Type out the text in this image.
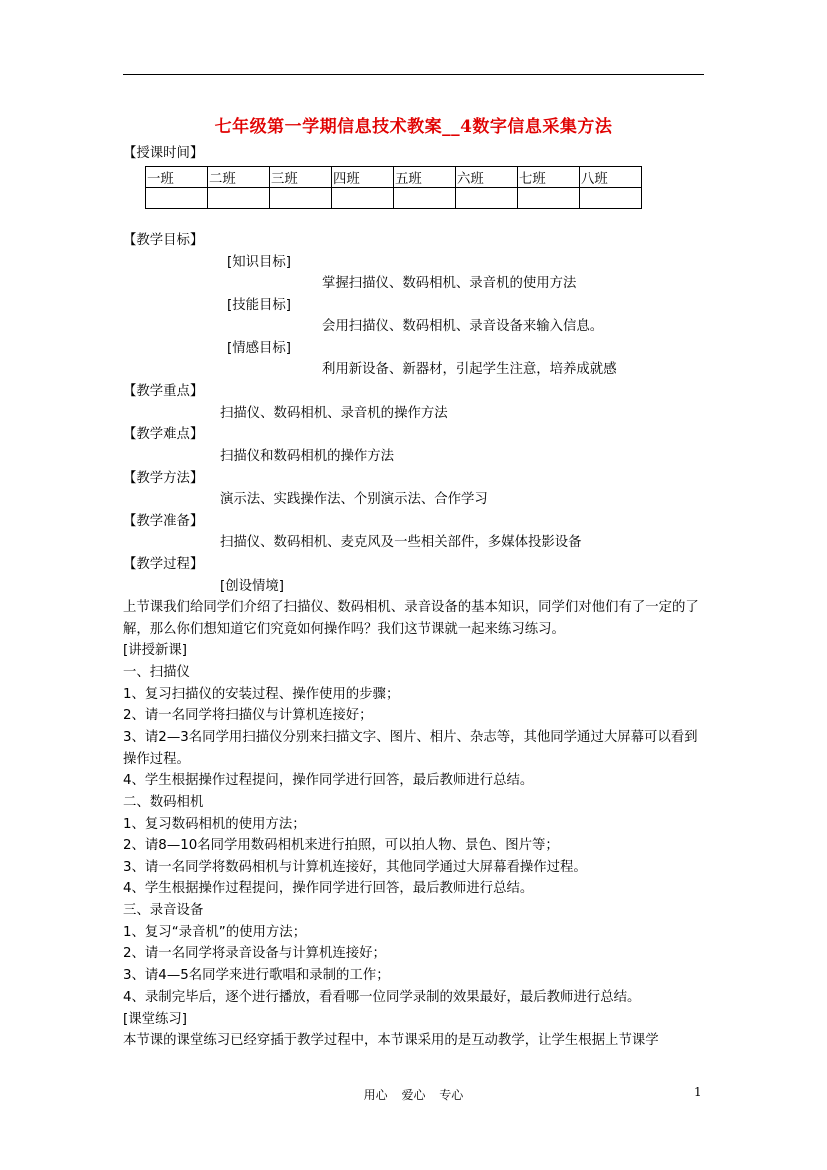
七年级第一学期信息技术教案__4数字信息采集方法
【授课时间】
一班	二班	三班	四班	五班	六班	七班	八班

【教学目标】
[知识目标]
掌握扫描仪、数码相机、录音机的使用方法
[技能目标]
会用扫描仪、数码相机、录音设备来输入信息。
[情感目标]
利用新设备、新器材，引起学生注意，培养成就感
【教学重点】
扫描仪、数码相机、录音机的操作方法
【教学难点】
扫描仪和数码相机的操作方法
【教学方法】
演示法、实践操作法、个别演示法、合作学习
【教学准备】
扫描仪、数码相机、麦克风及一些相关部件，多媒体投影设备
【教学过程】
[创设情境]
上节课我们给同学们介绍了扫描仪、数码相机、录音设备的基本知识，同学们对他们有了一定的了解，那么你们想知道它们究竟如何操作吗？我们这节课就一起来练习练习。
[讲授新课]
一、扫描仪
1、复习扫描仪的安装过程、操作使用的步骤；
2、请一名同学将扫描仪与计算机连接好；
3、请2—3名同学用扫描仪分别来扫描文字、图片、相片、杂志等，其他同学通过大屏幕可以看到操作过程。
4、学生根据操作过程提问，操作同学进行回答，最后教师进行总结。
二、数码相机
1、复习数码相机的使用方法；
2、请8—10名同学用数码相机来进行拍照，可以拍人物、景色、图片等；
3、请一名同学将数码相机与计算机连接好，其他同学通过大屏幕看操作过程。
4、学生根据操作过程提问，操作同学进行回答，最后教师进行总结。
三、录音设备
1、复习“录音机”的使用方法；
2、请一名同学将录音设备与计算机连接好；
3、请4—5名同学来进行歌唱和录制的工作；
4、录制完毕后，逐个进行播放，看看哪一位同学录制的效果最好，最后教师进行总结。
[课堂练习]
本节课的课堂练习已经穿插于教学过程中，本节课采用的是互动教学，让学生根据上节课学
用心 爱心 专心	1
